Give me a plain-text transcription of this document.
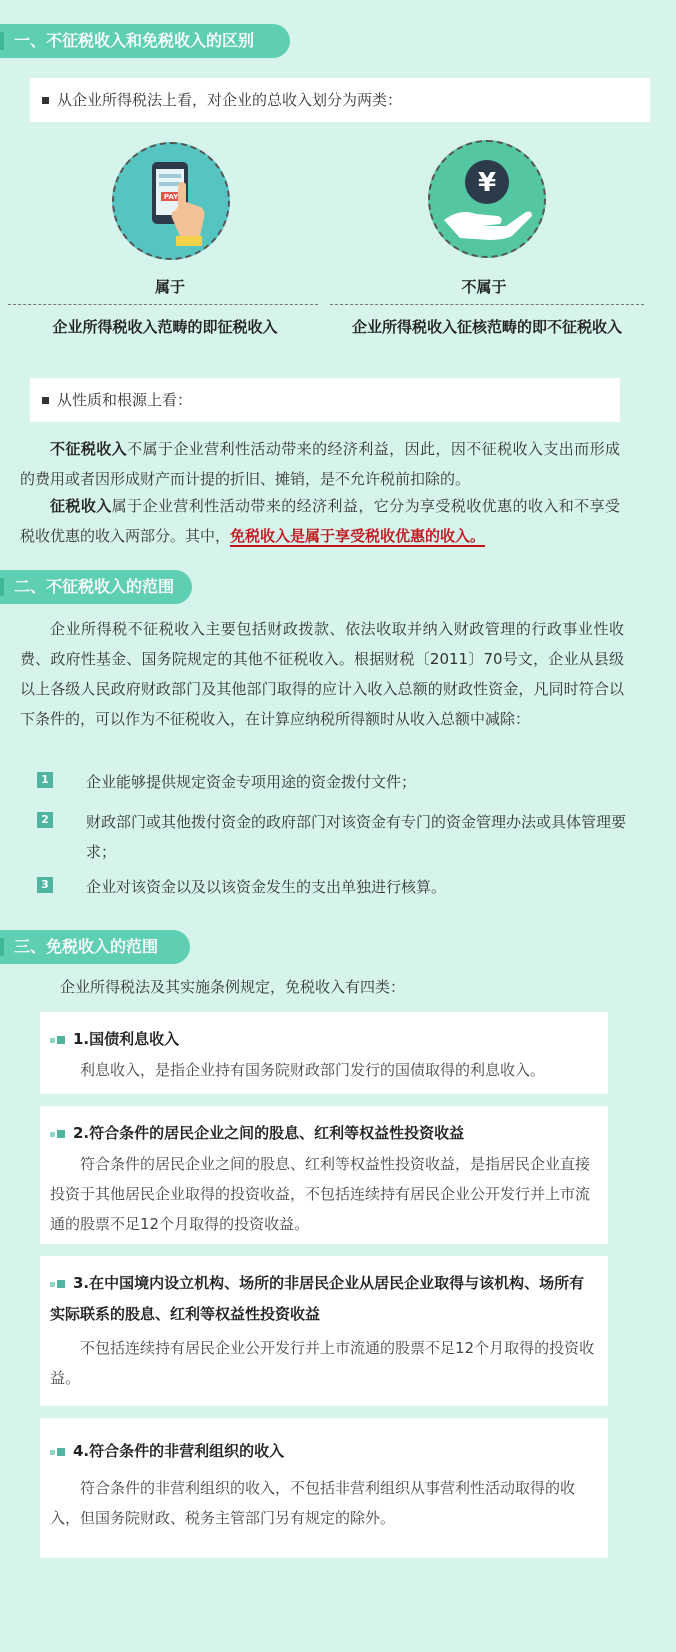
一、不征税收入和免税收入的区别
从企业所得税法上看，对企业的总收入划分为两类：
PAY	¥
属于	不属于
企业所得税收入范畴的即征税收入	企业所得税收入征核范畴的即不征税收入
从性质和根源上看：
不征税收入不属于企业营利性活动带来的经济利益，因此，因不征税收入支出而形成的费用或者因形成财产而计提的折旧、摊销，是不允许税前扣除的。
征税收入属于企业营利性活动带来的经济利益，它分为享受税收优惠的收入和不享受税收优惠的收入两部分。其中，免税收入是属于享受税收优惠的收入。
二、不征税收入的范围
企业所得税不征税收入主要包括财政拨款、依法收取并纳入财政管理的行政事业性收费、政府性基金、国务院规定的其他不征税收入。根据财税〔2011〕70号文，企业从县级以上各级人民政府财政部门及其他部门取得的应计入收入总额的财政性资金，凡同时符合以下条件的，可以作为不征税收入，在计算应纳税所得额时从收入总额中减除：
1 企业能够提供规定资金专项用途的资金拨付文件；
2 财政部门或其他拨付资金的政府部门对该资金有专门的资金管理办法或具体管理要求；
3 企业对该资金以及以该资金发生的支出单独进行核算。
三、免税收入的范围
企业所得税法及其实施条例规定，免税收入有四类：
1.国债利息收入
利息收入，是指企业持有国务院财政部门发行的国债取得的利息收入。
2.符合条件的居民企业之间的股息、红利等权益性投资收益
符合条件的居民企业之间的股息、红利等权益性投资收益，是指居民企业直接投资于其他居民企业取得的投资收益，不包括连续持有居民企业公开发行并上市流通的股票不足12个月取得的投资收益。
3.在中国境内设立机构、场所的非居民企业从居民企业取得与该机构、场所有实际联系的股息、红利等权益性投资收益
不包括连续持有居民企业公开发行并上市流通的股票不足12个月取得的投资收益。
4.符合条件的非营利组织的收入
符合条件的非营利组织的收入，不包括非营利组织从事营利性活动取得的收入，但国务院财政、税务主管部门另有规定的除外。
